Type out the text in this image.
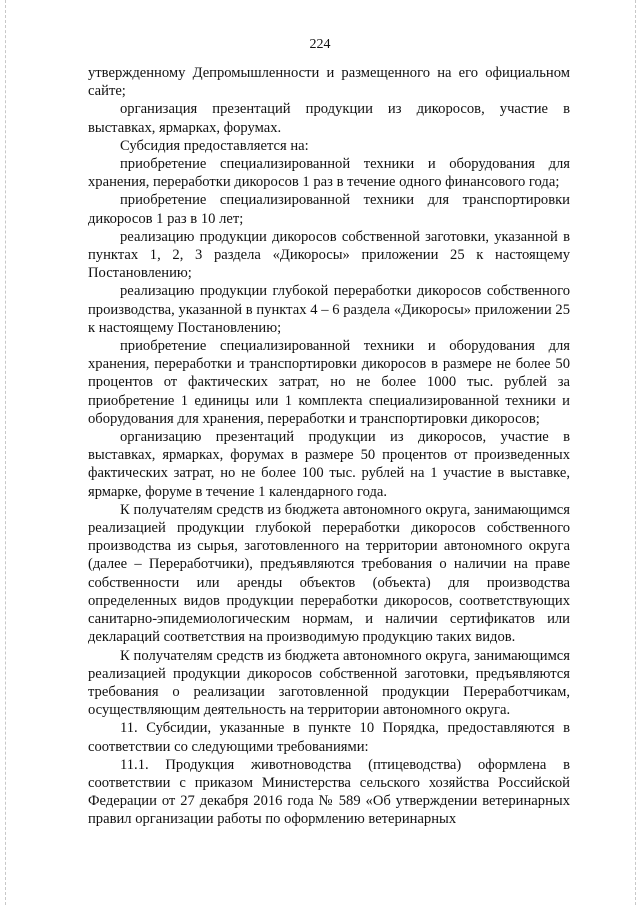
224

утвержденному Депромышленности и размещенного на его официальном сайте;

организация презентаций продукции из дикоросов, участие в выставках, ярмарках, форумах.

Субсидия предоставляется на:

приобретение специализированной техники и оборудования для хранения, переработки дикоросов 1 раз в течение одного финансового года;

приобретение специализированной техники для транспортировки дикоросов 1 раз в 10 лет;

реализацию продукции дикоросов собственной заготовки, указанной в пунктах 1, 2, 3 раздела «Дикоросы» приложении 25 к настоящему Постановлению;

реализацию продукции глубокой переработки дикоросов собственного производства, указанной в пунктах 4 – 6 раздела «Дикоросы» приложении 25 к настоящему Постановлению;

приобретение специализированной техники и оборудования для хранения, переработки и транспортировки дикоросов в размере не более 50 процентов от фактических затрат, но не более 1000 тыс. рублей за приобретение 1 единицы или 1 комплекта специализированной техники и оборудования для хранения, переработки и транспортировки дикоросов;

организацию презентаций продукции из дикоросов, участие в выставках, ярмарках, форумах в размере 50 процентов от произведенных фактических затрат, но не более 100 тыс. рублей на 1 участие в выставке, ярмарке, форуме в течение 1 календарного года.

К получателям средств из бюджета автономного округа, занимающимся реализацией продукции глубокой переработки дикоросов собственного производства из сырья, заготовленного на территории автономного округа (далее – Переработчики), предъявляются требования о наличии на праве собственности или аренды объектов (объекта) для производства определенных видов продукции переработки дикоросов, соответствующих санитарно-эпидемиологическим нормам, и наличии сертификатов или деклараций соответствия на производимую продукцию таких видов.

К получателям средств из бюджета автономного округа, занимающимся реализацией продукции дикоросов собственной заготовки, предъявляются требования о реализации заготовленной продукции Переработчикам, осуществляющим деятельность на территории автономного округа.

11. Субсидии, указанные в пункте 10 Порядка, предоставляются в соответствии со следующими требованиями:

11.1. Продукция животноводства (птицеводства) оформлена в соответствии с приказом Министерства сельского хозяйства Российской Федерации от 27 декабря 2016 года № 589 «Об утверждении ветеринарных правил организации работы по оформлению ветеринарных
